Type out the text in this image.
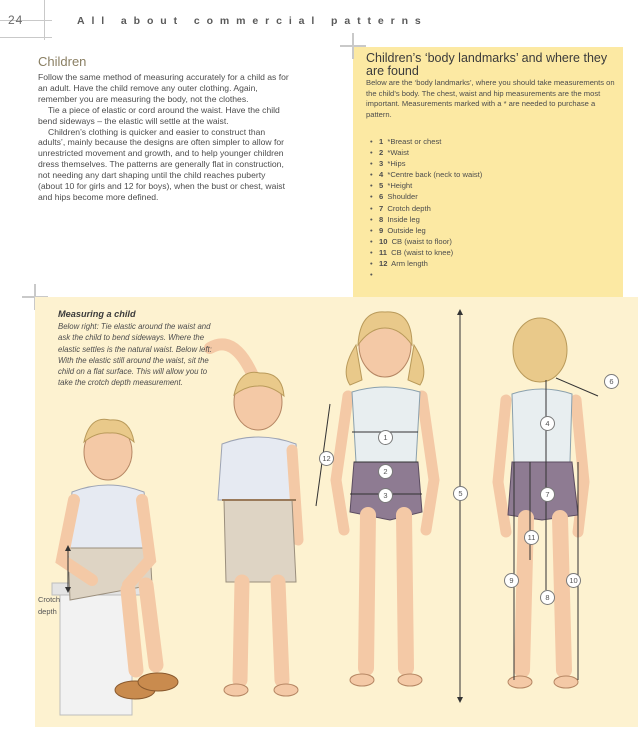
24	All about commercial patterns
Children

Follow the same method of measuring accurately for a child as for an adult. Have the child remove any outer clothing. Again, remember you are measuring the body, not the clothes.

Tie a piece of elastic or cord around the waist. Have the child bend sideways – the elastic will settle at the waist.

Children’s clothing is quicker and easier to construct than adults’, mainly because the designs are often simpler to allow for unrestricted movement and growth, and to help younger children dress themselves. The patterns are generally flat in construction, not needing any dart shaping until the child reaches puberty (about 10 for girls and 12 for boys), when the bust or chest, waist and hips become more defined.

Children’s ‘body landmarks’ and where they are found
Below are the ‘body landmarks’, where you should take measurements on the child’s body. The chest, waist and hip measurements are the most important. Measurements marked with a * are needed to purchase a pattern.
• 1 *Breast or chest
• 2 *Waist
• 3 *Hips
• 4 *Centre back (neck to waist)
• 5 *Height
• 6 Shoulder
• 7 Crotch depth
• 8 Inside leg
• 9 Outside leg
• 10 CB (waist to floor)
• 11 CB (waist to knee)
• 12 Arm length
•
Measuring a child
Below right: Tie elastic around the waist and ask the child to bend sideways. Where the elastic settles is the natural waist. Below left: With the elastic still around the waist, sit the child on a flat surface. This will allow you to take the crotch depth measurement.
Crotch depth
1
2
3
4
5
6
7
8
9	10
11
12
